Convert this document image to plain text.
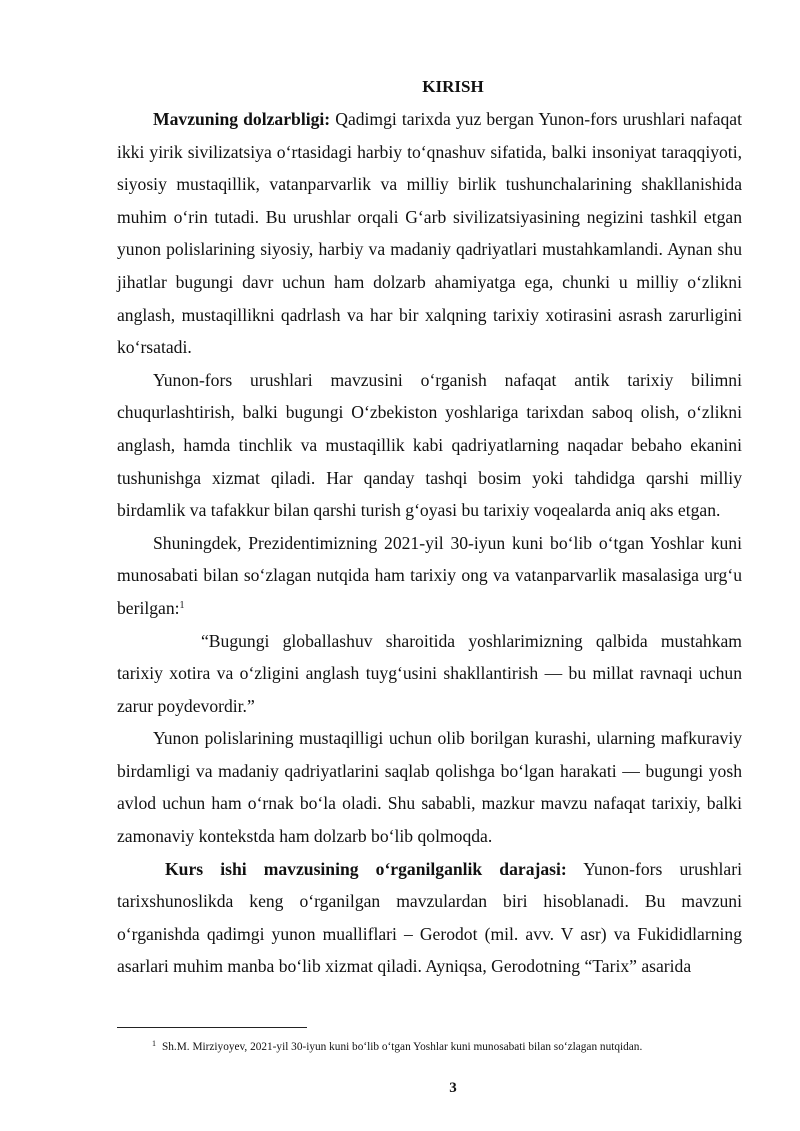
KIRISH

Mavzuning dolzarbligi: Qadimgi tarixda yuz bergan Yunon-fors urushlari nafaqat ikki yirik sivilizatsiya o‘rtasidagi harbiy to‘qnashuv sifatida, balki insoniyat taraqqiyoti, siyosiy mustaqillik, vatanparvarlik va milliy birlik tushunchalarining shakllanishida muhim o‘rin tutadi. Bu urushlar orqali G‘arb sivilizatsiyasining negizini tashkil etgan yunon polislarining siyosiy, harbiy va madaniy qadriyatlari mustahkamlandi. Aynan shu jihatlar bugungi davr uchun ham dolzarb ahamiyatga ega, chunki u milliy o‘zlikni anglash, mustaqillikni qadrlash va har bir xalqning tarixiy xotirasini asrash zarurligini ko‘rsatadi.

Yunon-fors urushlari mavzusini o‘rganish nafaqat antik tarixiy bilimni chuqurlashtirish, balki bugungi O‘zbekiston yoshlariga tarixdan saboq olish, o‘zlikni anglash, hamda tinchlik va mustaqillik kabi qadriyatlarning naqadar bebaho ekanini tushunishga xizmat qiladi. Har qanday tashqi bosim yoki tahdidga qarshi milliy birdamlik va tafakkur bilan qarshi turish g‘oyasi bu tarixiy voqealarda aniq aks etgan.

Shuningdek, Prezidentimizning 2021-yil 30-iyun kuni bo‘lib o‘tgan Yoshlar kuni munosabati bilan so‘zlagan nutqida ham tarixiy ong va vatanparvarlik masalasiga urg‘u berilgan:$^1$

“Bugungi globallashuv sharoitida yoshlarimizning qalbida mustahkam tarixiy xotira va o‘zligini anglash tuyg‘usini shakllantirish — bu millat ravnaqi uchun zarur poydevordir.”

Yunon polislarining mustaqilligi uchun olib borilgan kurashi, ularning mafkuraviy birdamligi va madaniy qadriyatlarini saqlab qolishga bo‘lgan harakati — bugungi yosh avlod uchun ham o‘rnak bo‘la oladi. Shu sababli, mazkur mavzu nafaqat tarixiy, balki zamonaviy kontekstda ham dolzarb bo‘lib qolmoqda.

Kurs ishi mavzusining o‘rganilganlik darajasi: Yunon-fors urushlari tarixshunoslikda keng o‘rganilgan mavzulardan biri hisoblanadi. Bu mavzuni o‘rganishda qadimgi yunon mualliflari – Gerodot (mil. avv. V asr) va Fukididlarning asarlari muhim manba bo‘lib xizmat qiladi. Ayniqsa, Gerodotning “Tarix” asarida

$^1$ Sh.M. Mirziyoyev, 2021-yil 30-iyun kuni bo‘lib o‘tgan Yoshlar kuni munosabati bilan so‘zlagan nutqidan.
3
